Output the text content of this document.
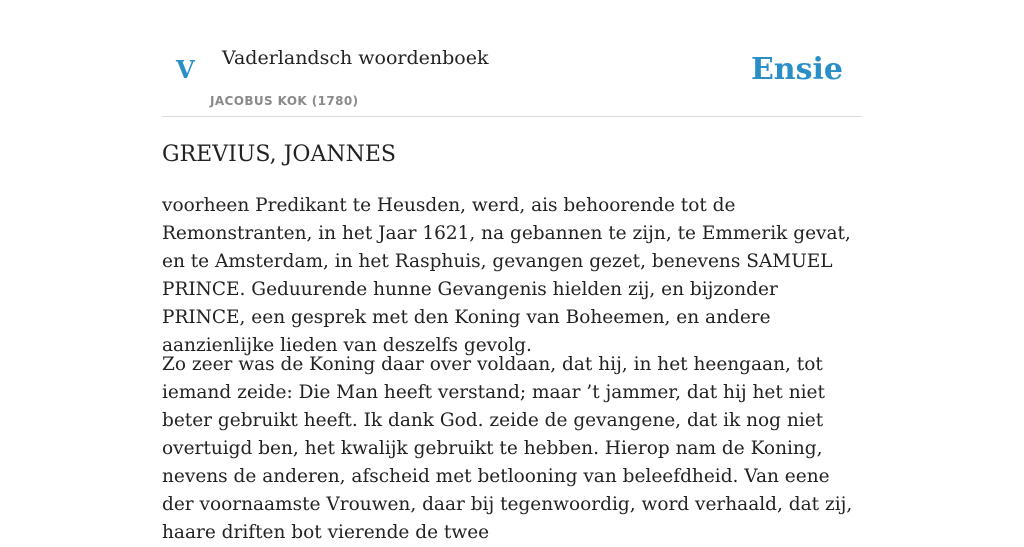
V Vaderlandsch woordenboek
JACOBUS KOK (1780)
Ensie
GREVIUS, JOANNES

voorheen Predikant te Heusden, werd, ais behoorende tot de Remonstranten, in het Jaar 1621, na gebannen te zijn, te Emmerik gevat, en te Amsterdam, in het Rasphuis, gevangen gezet, benevens SAMUEL PRINCE. Geduurende hunne Gevangenis hielden zij, en bijzonder PRINCE, een gesprek met den Koning van Boheemen, en andere aanzienlijke lieden van deszelfs gevolg.

Zo zeer was de Koning daar over voldaan, dat hij, in het heengaan, tot iemand zeide: Die Man heeft verstand; maar ’t jammer, dat hij het niet beter gebruikt heeft. Ik dank God. zeide de gevangene, dat ik nog niet overtuigd ben, het kwalijk gebruikt te hebben. Hierop nam de Koning, nevens de anderen, afscheid met betlooning van beleefdheid. Van eene der voornaamste Vrouwen, daar bij tegenwoordig, word verhaald, dat zij, haare driften bot vierende de twee
